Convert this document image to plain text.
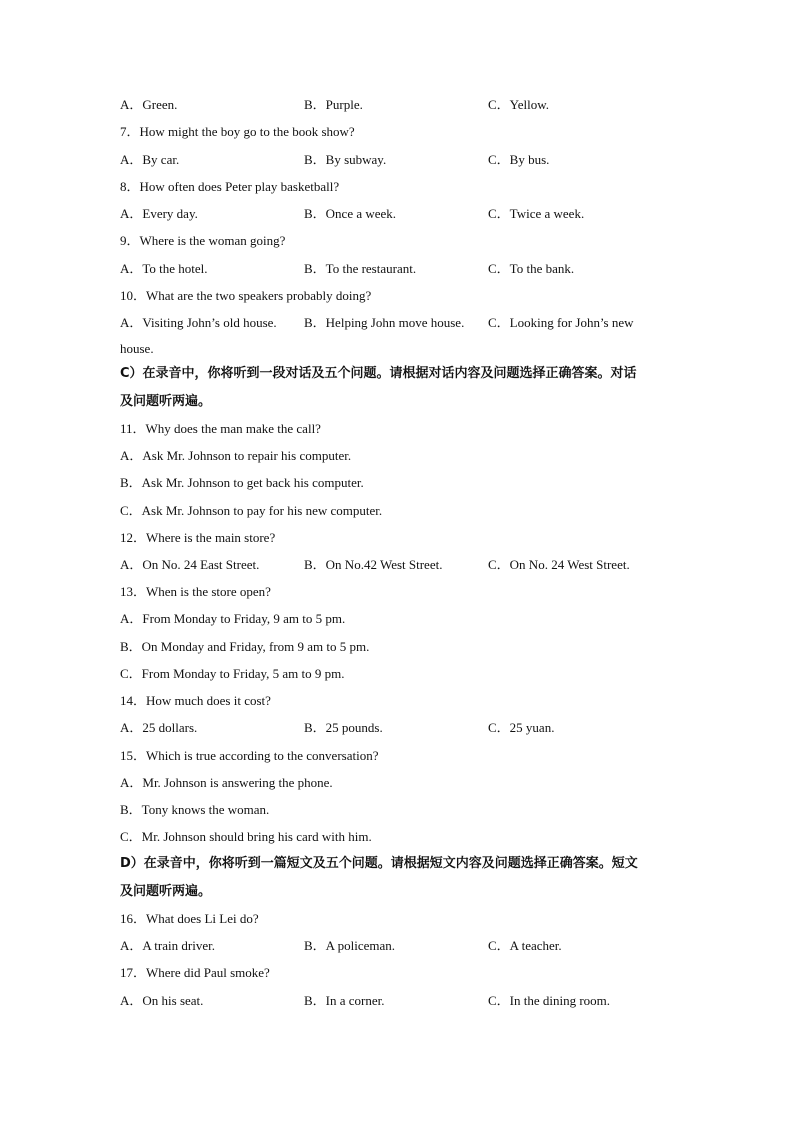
A．Green.	B．Purple.	C．Yellow.
7．How might the boy go to the book show?
A．By car.	B．By subway.	C．By bus.
8．How often does Peter play basketball?
A．Every day.	B．Once a week.	C．Twice a week.
9．Where is the woman going?
A．To the hotel.	B．To the restaurant.	C．To the bank.
10．What are the two speakers probably doing?
A．Visiting John’s old house. B．Helping John move house. C．Looking for John’s new
house.
C）在录音中，你将听到一段对话及五个问题。请根据对话内容及问题选择正确答案。对话
及问题听两遍。
11．Why does the man make the call?
A．Ask Mr. Johnson to repair his computer.
B．Ask Mr. Johnson to get back his computer.
C．Ask Mr. Johnson to pay for his new computer.
12．Where is the main store?
A．On No. 24 East Street.	B．On No.42 West Street.	C．On No. 24 West Street.
13．When is the store open?
A．From Monday to Friday, 9 am to 5 pm.
B．On Monday and Friday, from 9 am to 5 pm.
C．From Monday to Friday, 5 am to 9 pm.
14．How much does it cost?
A．25 dollars.	B．25 pounds.	C．25 yuan.
15．Which is true according to the conversation?
A．Mr. Johnson is answering the phone.
B．Tony knows the woman.
C．Mr. Johnson should bring his card with him.
D）在录音中，你将听到一篇短文及五个问题。请根据短文内容及问题选择正确答案。短文
及问题听两遍。
16．What does Li Lei do?
A．A train driver.	B．A policeman.	C．A teacher.
17．Where did Paul smoke?
A．On his seat.	B．In a corner.	C．In the dining room.
